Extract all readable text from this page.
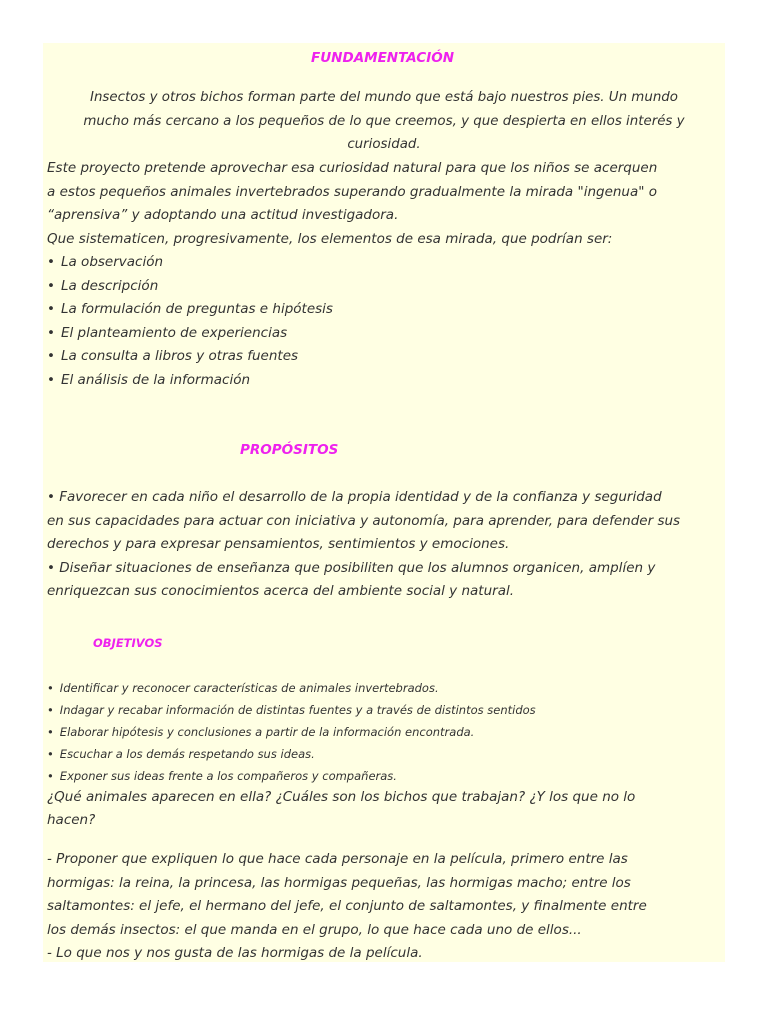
FUNDAMENTACIÓN
Insectos y otros bichos forman parte del mundo que está bajo nuestros pies. Un mundo
mucho más cercano a los pequeños de lo que creemos, y que despierta en ellos interés y
curiosidad.
Este proyecto pretende aprovechar esa curiosidad natural para que los niños se acerquen
a estos pequeños animales invertebrados superando gradualmente la mirada "ingenua" o
“aprensiva” y adoptando una actitud investigadora.
Que sistematicen, progresivamente, los elementos de esa mirada, que podrían ser:
• La observación
• La descripción
• La formulación de preguntas e hipótesis
• El planteamiento de experiencias
• La consulta a libros y otras fuentes
• El análisis de la información
PROPÓSITOS
• Favorecer en cada niño el desarrollo de la propia identidad y de la confianza y seguridad
en sus capacidades para actuar con iniciativa y autonomía, para aprender, para defender sus
derechos y para expresar pensamientos, sentimientos y emociones.
• Diseñar situaciones de enseñanza que posibiliten que los alumnos organicen, amplíen y
enriquezcan sus conocimientos acerca del ambiente social y natural.
OBJETIVOS
• Identificar y reconocer características de animales invertebrados.
• Indagar y recabar información de distintas fuentes y a través de distintos sentidos
• Elaborar hipótesis y conclusiones a partir de la información encontrada.
• Escuchar a los demás respetando sus ideas.
• Exponer sus ideas frente a los compañeros y compañeras.
¿Qué animales aparecen en ella? ¿Cuáles son los bichos que trabajan? ¿Y los que no lo
hacen?
- Proponer que expliquen lo que hace cada personaje en la película, primero entre las
hormigas: la reina, la princesa, las hormigas pequeñas, las hormigas macho; entre los
saltamontes: el jefe, el hermano del jefe, el conjunto de saltamontes, y finalmente entre
los demás insectos: el que manda en el grupo, lo que hace cada uno de ellos...
- Lo que nos y nos gusta de las hormigas de la película.
